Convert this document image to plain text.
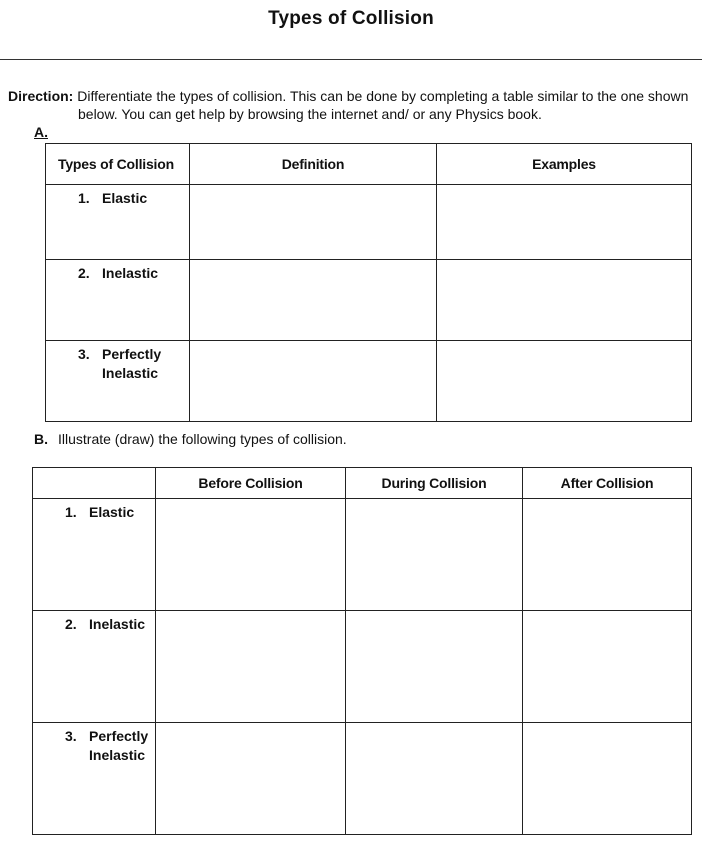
Types of Collision
Direction: Differentiate the types of collision. This can be done by completing a table similar to the one shown
below. You can get help by browsing the internet and/ or any Physics book.
A.
Types of Collision	Definition	Examples

1. Elastic		

2. Inelastic		

3. Perfectly Inelastic		

B. Illustrate (draw) the following types of collision.
	Before Collision	During Collision	After Collision

1. Elastic			

2. Inelastic			

3. Perfectly Inelastic			
